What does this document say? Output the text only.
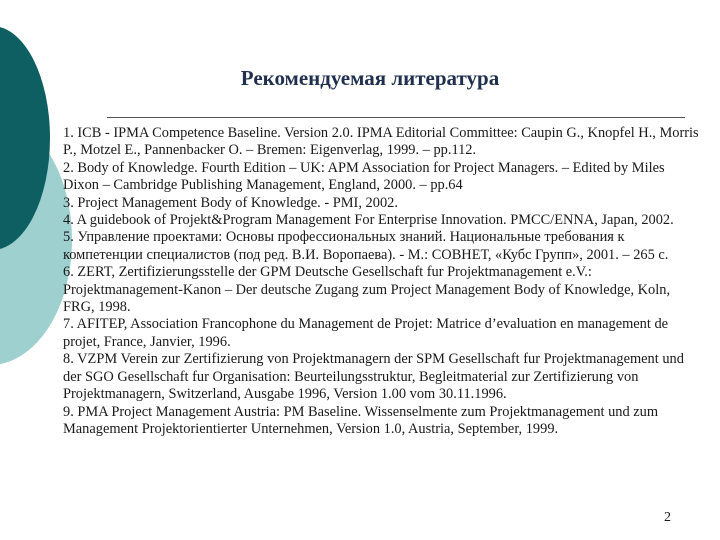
Рекомендуемая литература
1. ICB - IPMA Competence Baseline. Version 2.0. IPMA Editorial Committee: Caupin G., Knopfel H., Morris P., Motzel E., Pannenbacker O. – Bremen: Eigenverlag, 1999. – pp.112.
2. Body of Knowledge. Fourth Edition – UK: APM Association for Project Managers. – Edited by Miles Dixon – Cambridge Publishing Management, England, 2000. – pp.64
3. Project Management Body of Knowledge. - PMI, 2002.
4. A guidebook of Projekt&Program Management For Enterprise Innovation. PMCC/ENNA, Japan, 2002.
5. Управление проектами: Основы профессиональных знаний. Национальные требования к компетенции специалистов (под ред. В.И. Воропаева). - М.: СОВНЕТ, «Кубс Групп», 2001. – 265 с.
6. ZERT, Zertifizierungsstelle der GPM Deutsche Gesellschaft fur Projektmanagement e.V.: Projektmanagement-Kanon – Der deutsche Zugang zum Project Management Body of Knowledge, Koln, FRG, 1998.
7. AFITEP, Association Francophone du Management de Projet: Matrice d’evaluation en management de projet, France, Janvier, 1996.
8. VZPM Verein zur Zertifizierung von Projektmanagern der SPM Gesellschaft fur Projektmanagement und der SGO Gesellschaft fur Organisation: Beurteilungsstruktur, Begleitmaterial zur Zertifizierung von Projektmanagern, Switzerland, Ausgabe 1996, Version 1.00 vom 30.11.1996.
9. PMA Project Management Austria: PM Baseline. Wissenselmente zum Projektmanagement und zum Management Projektorientierter Unternehmen, Version 1.0, Austria, September, 1999.
2
